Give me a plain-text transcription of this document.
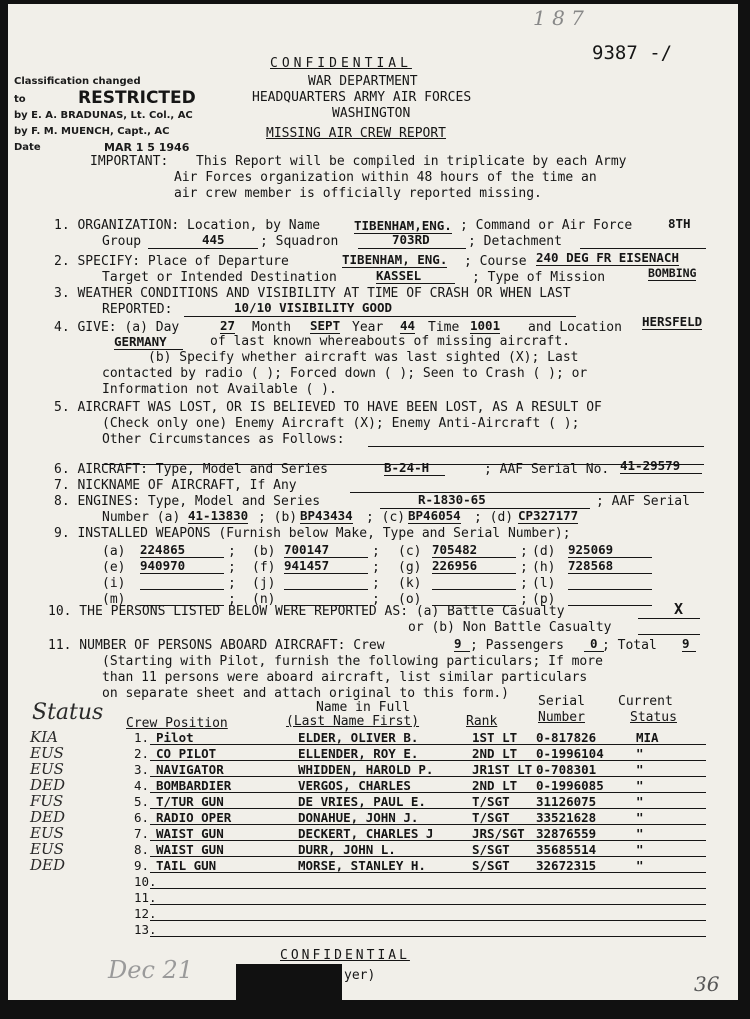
1 8 7
9387 -/
CONFIDENTIAL
WAR DEPARTMENT
HEADQUARTERS ARMY AIR FORCES
WASHINGTON
MISSING AIR CREW REPORT
Classification changed
to	RESTRICTED
by E. A. BRADUNAS, Lt. Col., AC
by F. M. MUENCH, Capt., AC
Date	MAR 1 5 1946
IMPORTANT: This Report will be compiled in triplicate by each Army
Air Forces organization within 48 hours of the time an
air crew member is officially reported missing.
1. ORGANIZATION: Location, by Name	TIBENHAM,ENG. ; Command or Air Force	8TH
Group	445	; Squadron	703RD	; Detachment
2. SPECIFY: Place of Departure	TIBENHAM, ENG. ; Course 240 DEG FR EISENACH
Target or Intended Destination	KASSEL	; Type of Mission	BOMBING
3. WEATHER CONDITIONS AND VISIBILITY AT TIME OF CRASH OR WHEN LAST
REPORTED:	10/10 VISIBILITY GOOD
4. GIVE: (a) Day	27 Month SEPT Year 44 Time 1001 and Location HERSFELD
GERMANY	of last known whereabouts of missing aircraft.
(b) Specify whether aircraft was last sighted (X); Last
contacted by radio ( ); Forced down ( ); Seen to Crash ( ); or
Information not Available ( ).
5. AIRCRAFT WAS LOST, OR IS BELIEVED TO HAVE BEEN LOST, AS A RESULT OF
(Check only one) Enemy Aircraft (X); Enemy Anti-Aircraft ( );
Other Circumstances as Follows:
6. AIRCRAFT: Type, Model and Series	B-24-H	; AAF Serial No. 41-29579
7. NICKNAME OF AIRCRAFT, If Any
8. ENGINES: Type, Model and Series	R-1830-65	; AAF Serial
Number (a) 41-13830 ; (b) BP43434 ; (c) BP46054 ; (d) CP327177
9. INSTALLED WEAPONS (Furnish below Make, Type and Serial Number);
(a) 224865	; (b) 700147	; (c) 705482	; (d) 925069
(e) 940970	; (f) 941457	; (g) 226956	; (h) 728568
(i)	; (j)	; (k)	; (l)
(m)	; (n)	; (o)	; (p)
10. THE PERSONS LISTED BELOW WERE REPORTED AS: (a) Battle Casualty	X
or (b) Non Battle Casualty
11. NUMBER OF PERSONS ABOARD AIRCRAFT: Crew	9 ; Passengers	0 ; Total 9
(Starting with Pilot, furnish the following particulars; If more
than 11 persons were aboard aircraft, list similar particulars
on separate sheet and attach original to this form.)
Status	Name in Full	Serial	Current
Crew Position	(Last Name First)	Rank	Number	Status
KIA	1. Pilot	ELDER, OLIVER B.	1ST LT 0-817826	MIA
EUS	2. CO PILOT	ELLENDER, ROY E.	2ND LT 0-1996104	"
EUS	3. NAVIGATOR	WHIDDEN, HAROLD P.	JR1ST LT 0-708301	"
DED	4. BOMBARDIER	VERGOS, CHARLES	2ND LT 0-1996085	"
FUS	5. T/TUR GUN	DE VRIES, PAUL E.	T/SGT 31126075	"
DED	6. RADIO OPER	DONAHUE, JOHN J.	T/SGT 33521628	"
EUS	7. WAIST GUN	DECKERT, CHARLES J	JRS/SGT 32876559	"
EUS	8. WAIST GUN	DURR, JOHN L.	S/SGT 35685514	"
DED	9. TAIL GUN	MORSE, STANLEY H.	S/SGT 32672315	"
10.
11.
12.
13.
CONFIDENTIAL
Dec 21	yer)	36
